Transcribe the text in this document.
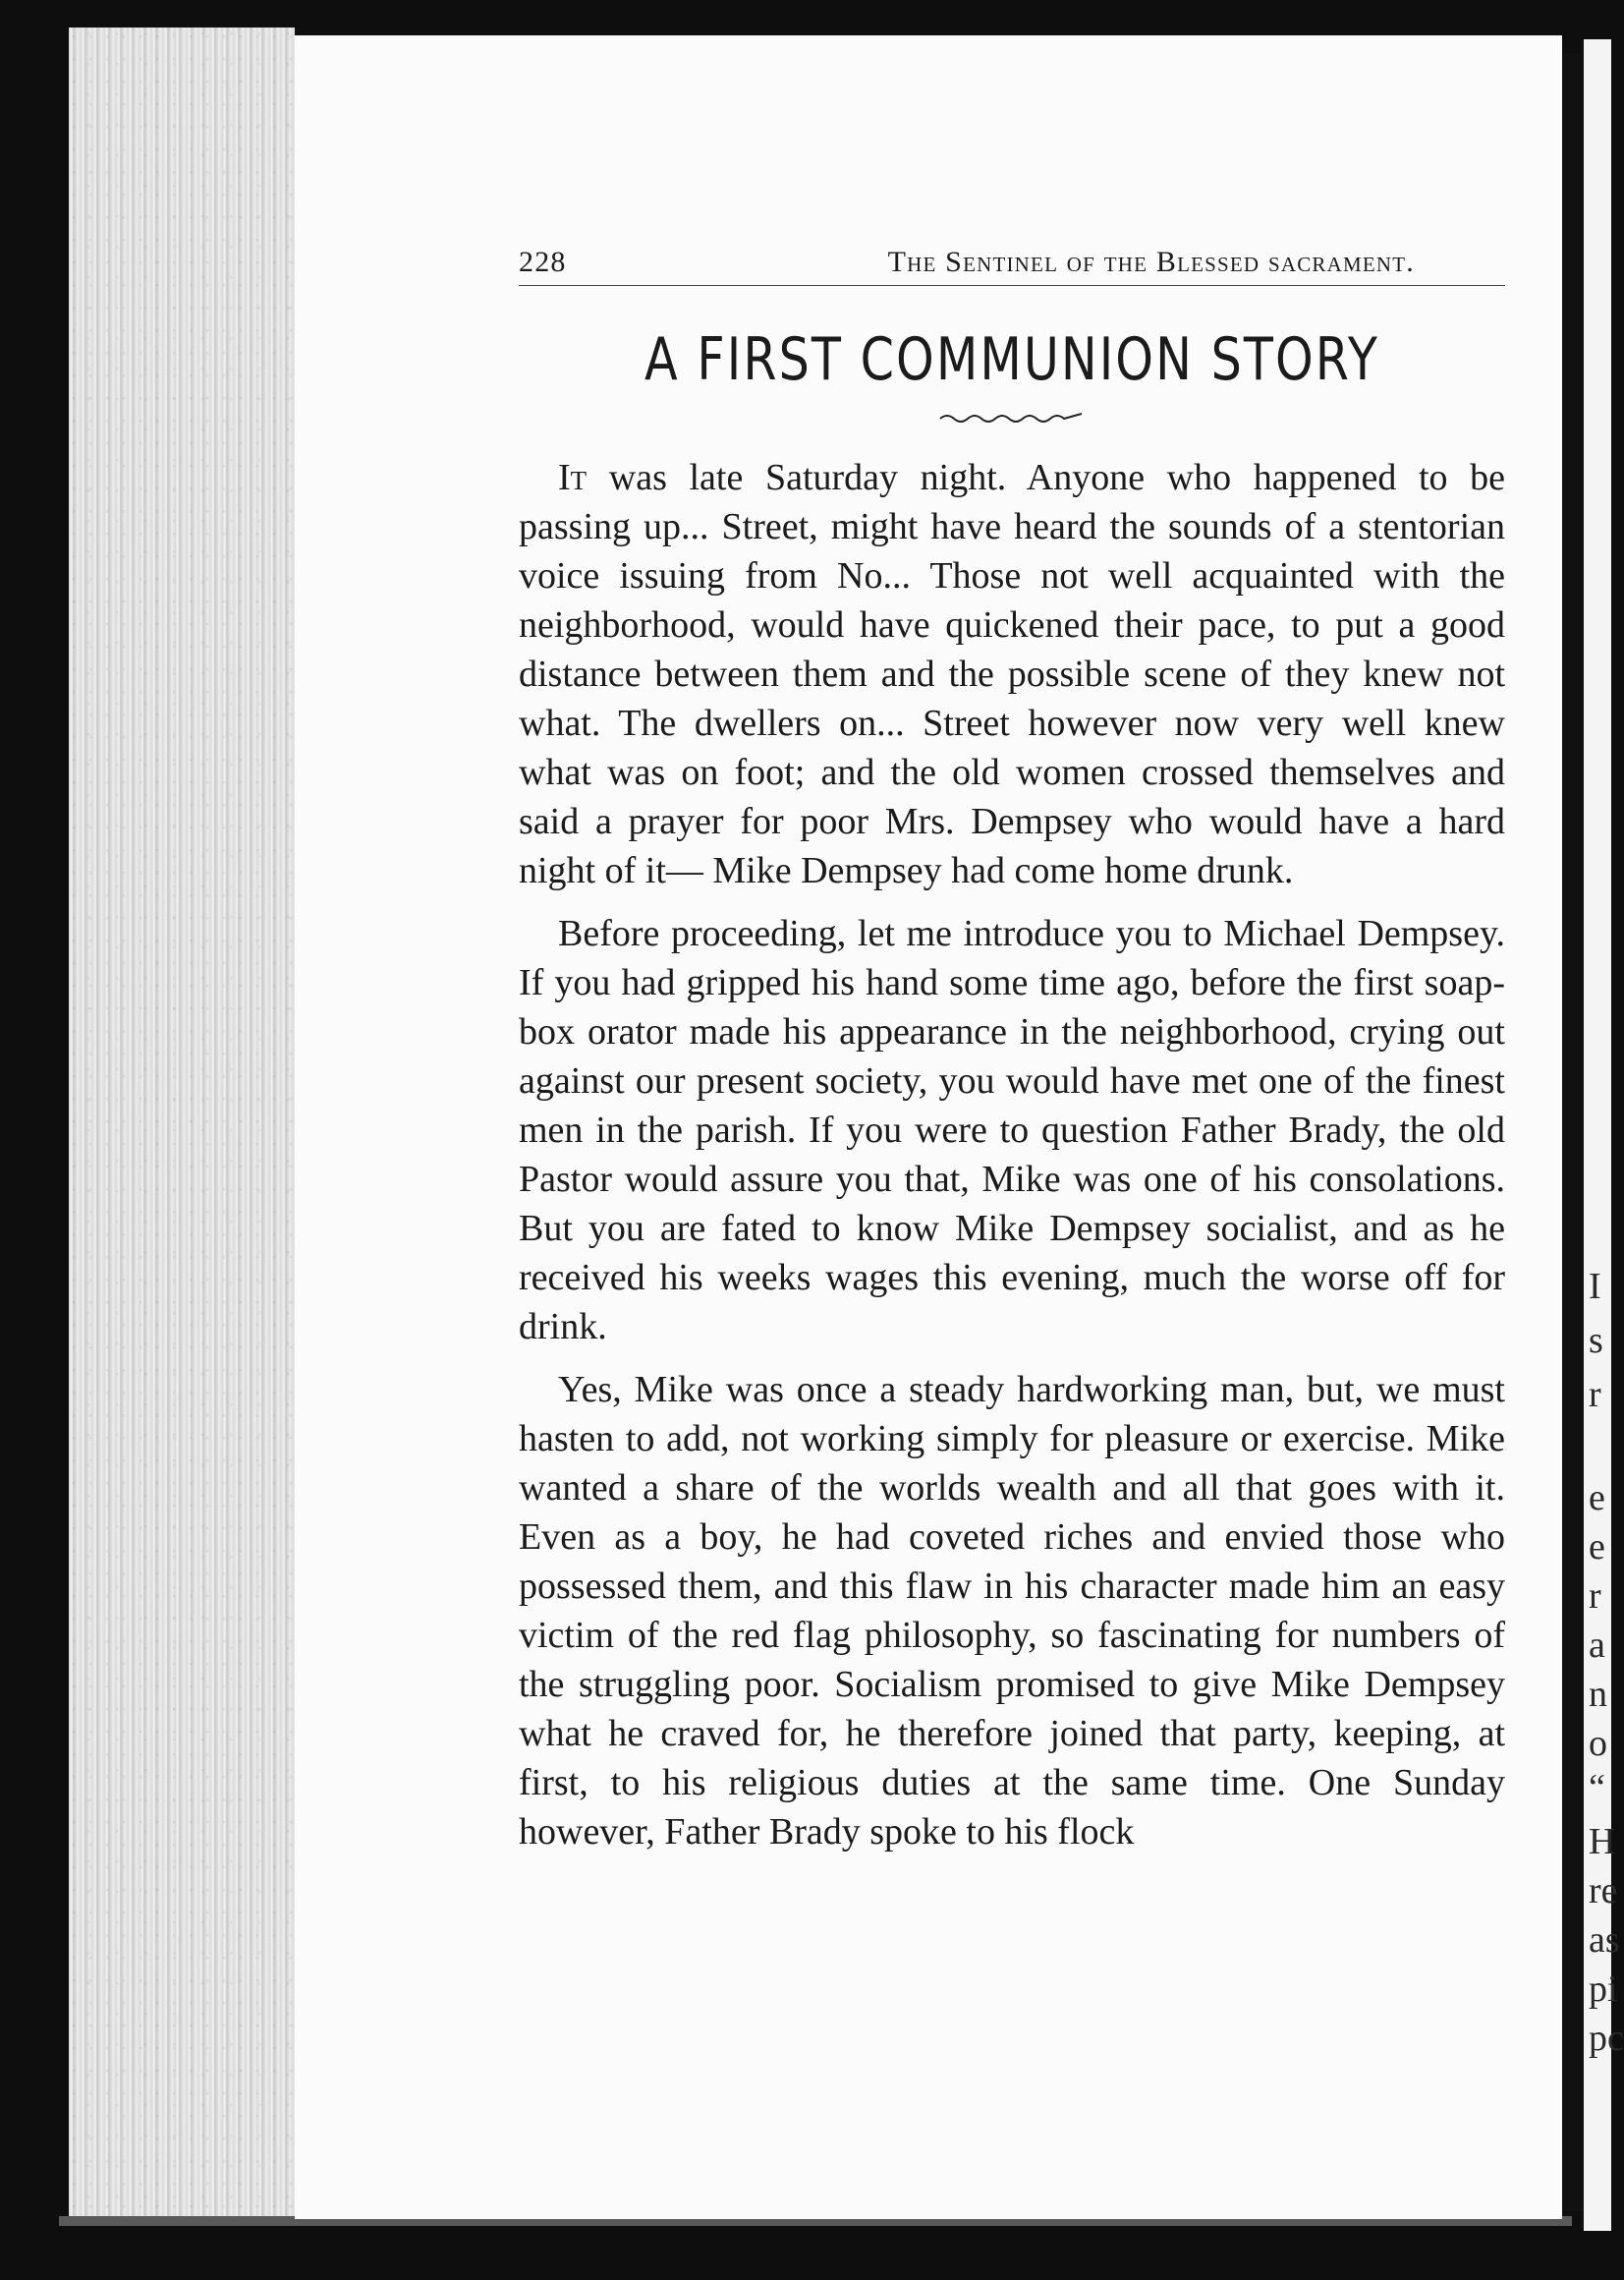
I
s
r
e
e
r
a
n
o
“
H
re
as
pi
pc
228	The Sentinel of the Blessed sacrament.
A FIRST COMMUNION STORY

It was late Saturday night. Anyone who happened to be passing up... Street, might have heard the sounds of a stentorian voice issuing from No... Those not well acquainted with the neighborhood, would have quickened their pace, to put a good distance between them and the possible scene of they knew not what. The dwellers on... Street however now very well knew what was on foot; and the old women crossed themselves and said a prayer for poor Mrs. Dempsey who would have a hard night of it— Mike Dempsey had come home drunk.

Before proceeding, let me introduce you to Michael Dempsey. If you had gripped his hand some time ago, before the first soap-box orator made his appearance in the neighborhood, crying out against our present society, you would have met one of the finest men in the parish. If you were to question Father Brady, the old Pastor would assure you that, Mike was one of his consolations. But you are fated to know Mike Dempsey socialist, and as he received his weeks wages this evening, much the worse off for drink.

Yes, Mike was once a steady hardworking man, but, we must hasten to add, not working simply for pleasure or exercise. Mike wanted a share of the worlds wealth and all that goes with it. Even as a boy, he had coveted riches and envied those who possessed them, and this flaw in his character made him an easy victim of the red flag philosophy, so fascinating for numbers of the struggling poor. Socialism promised to give Mike Dempsey what he craved for, he therefore joined that party, keeping, at first, to his religious duties at the same time. One Sunday however, Father Brady spoke to his flock
